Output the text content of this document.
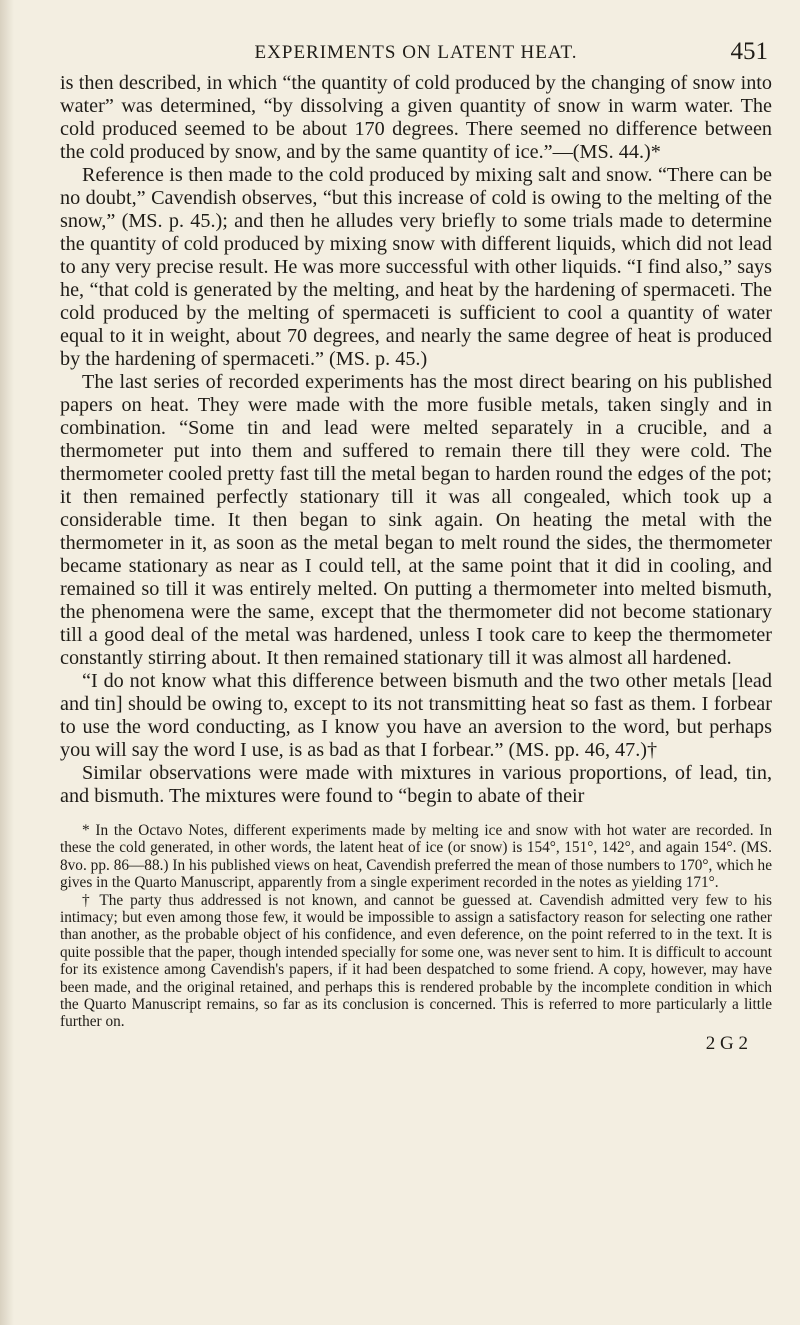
EXPERIMENTS ON LATENT HEAT.	451

is then described, in which “the quantity of cold produced by the changing of snow into water” was determined, “by dissolving a given quantity of snow in warm water. The cold produced seemed to be about 170 degrees. There seemed no difference between the cold produced by snow, and by the same quantity of ice.”—(MS. 44.)*

Reference is then made to the cold produced by mixing salt and snow. “There can be no doubt,” Cavendish observes, “but this increase of cold is owing to the melting of the snow,” (MS. p. 45.); and then he alludes very briefly to some trials made to determine the quantity of cold produced by mixing snow with different liquids, which did not lead to any very precise result. He was more successful with other liquids. “I find also,” says he, “that cold is generated by the melting, and heat by the hardening of spermaceti. The cold produced by the melting of spermaceti is sufficient to cool a quantity of water equal to it in weight, about 70 degrees, and nearly the same degree of heat is produced by the hardening of spermaceti.” (MS. p. 45.)

The last series of recorded experiments has the most direct bearing on his published papers on heat. They were made with the more fusible metals, taken singly and in combination. “Some tin and lead were melted separately in a crucible, and a thermometer put into them and suffered to remain there till they were cold. The thermometer cooled pretty fast till the metal began to harden round the edges of the pot; it then remained perfectly stationary till it was all congealed, which took up a considerable time. It then began to sink again. On heating the metal with the thermometer in it, as soon as the metal began to melt round the sides, the thermometer became stationary as near as I could tell, at the same point that it did in cooling, and remained so till it was entirely melted. On putting a thermometer into melted bismuth, the phenomena were the same, except that the thermometer did not become stationary till a good deal of the metal was hardened, unless I took care to keep the thermometer constantly stirring about. It then remained stationary till it was almost all hardened.

“I do not know what this difference between bismuth and the two other metals [lead and tin] should be owing to, except to its not transmitting heat so fast as them. I forbear to use the word conducting, as I know you have an aversion to the word, but perhaps you will say the word I use, is as bad as that I forbear.” (MS. pp. 46, 47.)†

Similar observations were made with mixtures in various proportions, of lead, tin, and bismuth. The mixtures were found to “begin to abate of their

* In the Octavo Notes, different experiments made by melting ice and snow with hot water are recorded. In these the cold generated, in other words, the latent heat of ice (or snow) is 154°, 151°, 142°, and again 154°. (MS. 8vo. pp. 86—88.) In his published views on heat, Cavendish preferred the mean of those numbers to 170°, which he gives in the Quarto Manuscript, apparently from a single experiment recorded in the notes as yielding 171°.

† The party thus addressed is not known, and cannot be guessed at. Cavendish admitted very few to his intimacy; but even among those few, it would be impossible to assign a satisfactory reason for selecting one rather than another, as the probable object of his confidence, and even deference, on the point referred to in the text. It is quite possible that the paper, though intended specially for some one, was never sent to him. It is difficult to account for its existence among Cavendish's papers, if it had been despatched to some friend. A copy, however, may have been made, and the original retained, and perhaps this is rendered probable by the incomplete condition in which the Quarto Manuscript remains, so far as its conclusion is concerned. This is referred to more particularly a little further on.

2 G 2
